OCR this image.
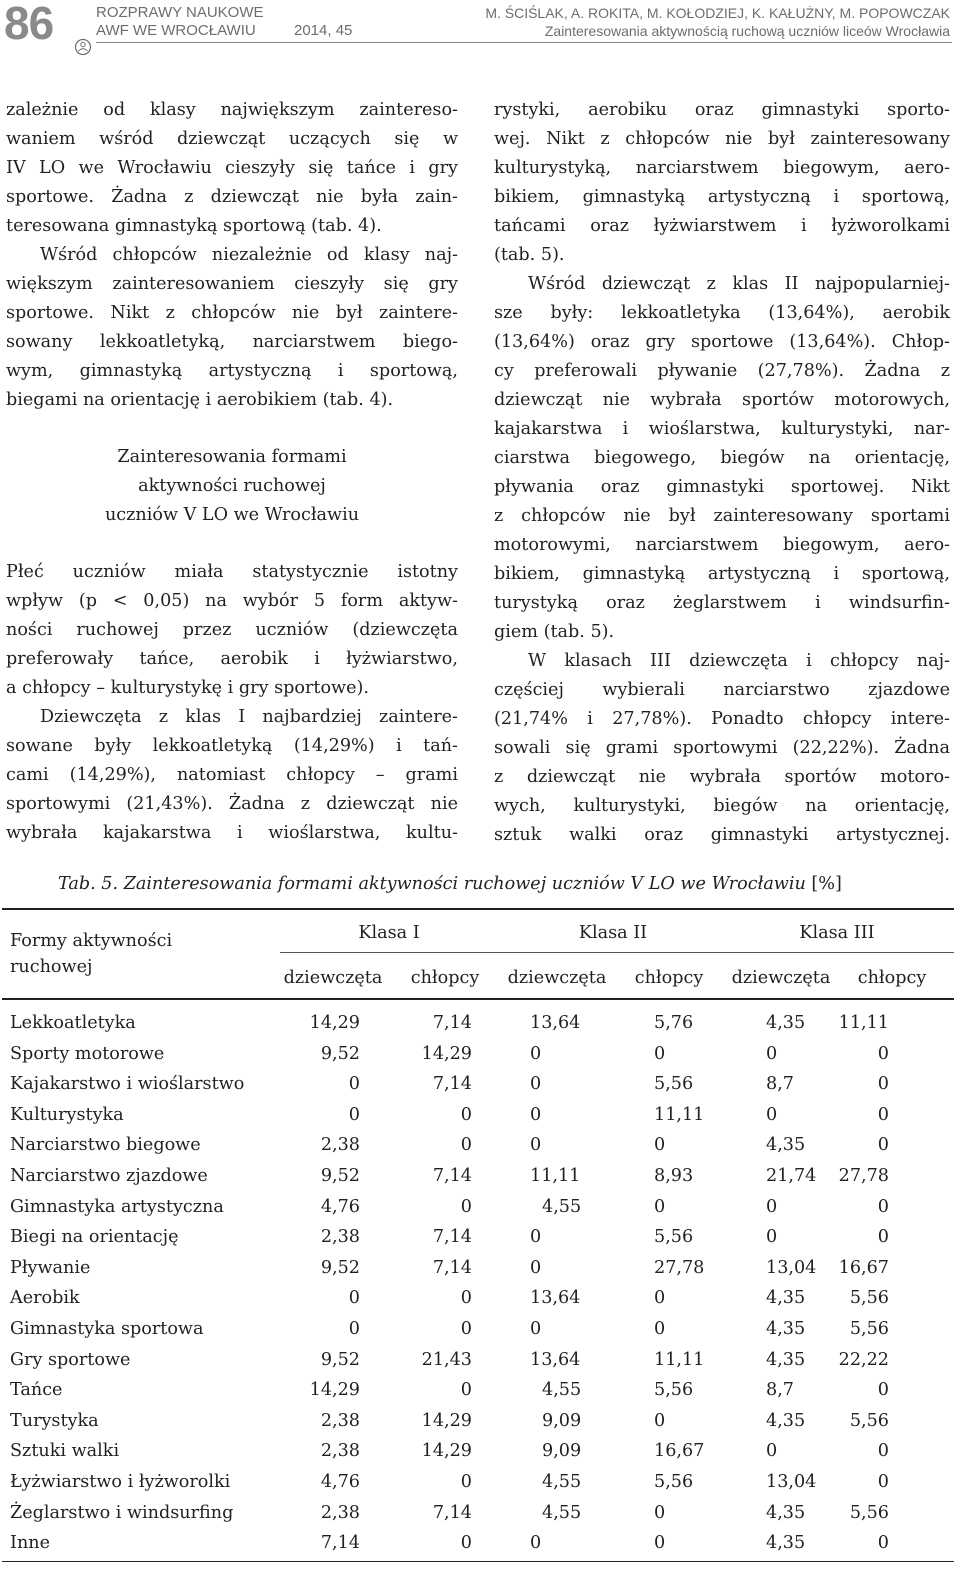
86	ROZPRAWY NAUKOWE
AWF WE WROCŁAWIU	2014, 45
M. ŚCIŚLAK, A. ROKITA, M. KOŁODZIEJ, K. KAŁUŻNY, M. POPOWCZAK
Zainteresowania aktywnością ruchową uczniów liceów Wrocławia

zależnie od klasy największym zaintereso-
waniem wśród dziewcząt uczących się w
IV LO we Wrocławiu cieszyły się tańce i gry
sportowe. Żadna z dziewcząt nie była zain-
teresowana gimnastyką sportową (tab. 4).

Wśród chłopców niezależnie od klasy naj-
większym zainteresowaniem cieszyły się gry
sportowe. Nikt z chłopców nie był zaintere-
sowany lekkoatletyką, narciarstwem biego-
wym, gimnastyką artystyczną i sportową,
biegami na orientację i aerobikiem (tab. 4).

Zainteresowania formami
aktywności ruchowej
uczniów V LO we Wrocławiu

Płeć uczniów miała statystycznie istotny
wpływ (p < 0,05) na wybór 5 form aktyw-
ności ruchowej przez uczniów (dziewczęta
preferowały tańce, aerobik i łyżwiarstwo,
a chłopcy – kulturystykę i gry sportowe).

Dziewczęta z klas I najbardziej zaintere-
sowane były lekkoatletyką (14,29%) i tań-
cami (14,29%), natomiast chłopcy – grami
sportowymi (21,43%). Żadna z dziewcząt nie
wybrała kajakarstwa i wioślarstwa, kultu-

rystyki, aerobiku oraz gimnastyki sporto-
wej. Nikt z chłopców nie był zainteresowany
kulturystyką, narciarstwem biegowym, aero-
bikiem, gimnastyką artystyczną i sportową,
tańcami oraz łyżwiarstwem i łyżworolkami
(tab. 5).

Wśród dziewcząt z klas II najpopularniej-
sze były: lekkoatletyka (13,64%), aerobik
(13,64%) oraz gry sportowe (13,64%). Chłop-
cy preferowali pływanie (27,78%). Żadna z
dziewcząt nie wybrała sportów motorowych,
kajakarstwa i wioślarstwa, kulturystyki, nar-
ciarstwa biegowego, biegów na orientację,
pływania oraz gimnastyki sportowej. Nikt
z chłopców nie był zainteresowany sportami
motorowymi, narciarstwem biegowym, aero-
bikiem, gimnastyką artystyczną i sportową,
turystyką oraz żeglarstwem i windsurfin-
giem (tab. 5).

W klasach III dziewczęta i chłopcy naj-
częściej wybierali narciarstwo zjazdowe
(21,74% i 27,78%). Ponadto chłopcy intere-
sowali się grami sportowymi (22,22%). Żadna
z dziewcząt nie wybrała sportów motoro-
wych, kulturystyki, biegów na orientację,
sztuk walki oraz gimnastyki artystycznej.

Tab. 5. Zainteresowania formami aktywności ruchowej uczniów V LO we Wrocławiu [%]
Formy aktywności ruchowej
Klasa I	Klasa II	Klasa III
dziewczęta	chłopcy	dziewczęta	chłopcy	dziewczęta	chłopcy
Lekkoatletyka	14,29	7,14	13,64	5,76	4,35 11,11
Sporty motorowe	9,52	14,29	0	0	0	0
Kajakarstwo i wioślarstwo	0	7,14	0	5,56	8,7	0
Kulturystyka	0	0	0	11,11	0	0
Narciarstwo biegowe	2,38	0	0	0	4,35	0
Narciarstwo zjazdowe	9,52	7,14	11,11	8,93	21,74 27,78
Gimnastyka artystyczna	4,76	0	4,55	0	0	0
Biegi na orientację	2,38	7,14	0	5,56	0	0
Pływanie	9,52	7,14	0	27,78	13,04 16,67
Aerobik	0	0	13,64	0	4,35	5,56
Gimnastyka sportowa	0	0	0	0	4,35	5,56
Gry sportowe	9,52	21,43	13,64	11,11	4,35 22,22
Tańce	14,29	0	4,55	5,56	8,7	0
Turystyka	2,38	14,29	9,09	0	4,35	5,56
Sztuki walki	2,38	14,29	9,09	16,67	0	0
Łyżwiarstwo i łyżworolki	4,76	0	4,55	5,56	13,04	0
Żeglarstwo i windsurfing	2,38	7,14	4,55	0	4,35	5,56
Inne	7,14	0	0	0	4,35	0
